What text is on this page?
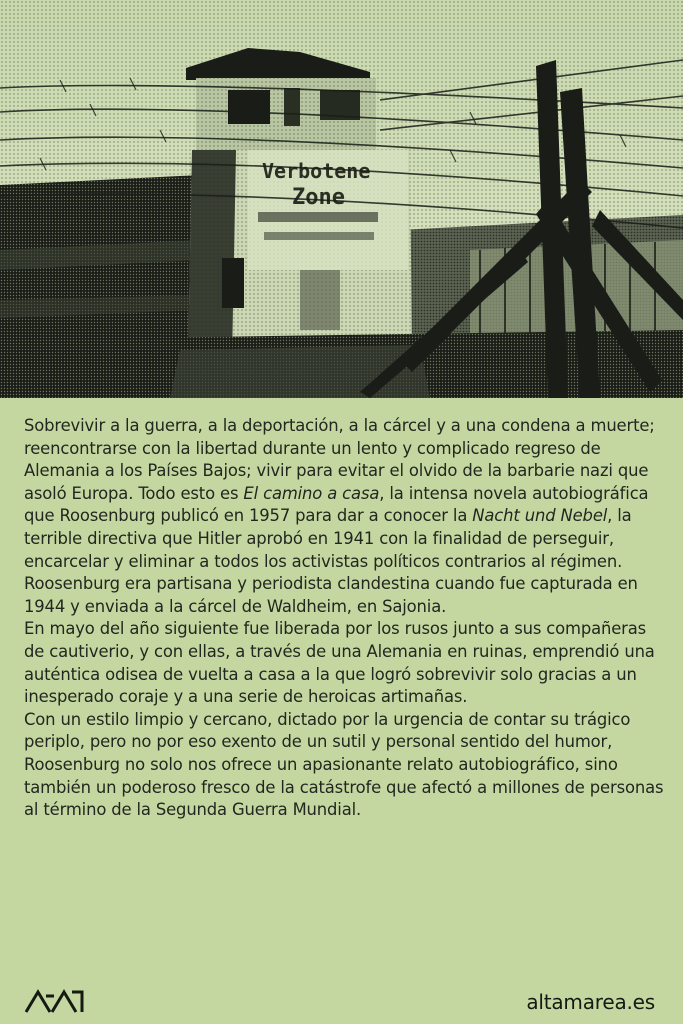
Verbotene
Zone

Sobrevivir a la guerra, a la deportación, a la cárcel y a una condena a muerte; reencontrarse con la libertad durante un lento y complicado regreso de Alemania a los Países Bajos; vivir para evitar el olvido de la barbarie nazi que asoló Europa. Todo esto es El camino a casa, la intensa novela autobiográfica que Roosenburg publicó en 1957 para dar a conocer la Nacht und Nebel, la terrible directiva que Hitler aprobó en 1941 con la finalidad de perseguir, encarcelar y eliminar a todos los activistas políticos contrarios al régimen.

Roosenburg era partisana y periodista clandestina cuando fue capturada en 1944 y enviada a la cárcel de Waldheim, en Sajonia.

En mayo del año siguiente fue liberada por los rusos junto a sus compañeras de cautiverio, y con ellas, a través de una Alemania en ruinas, emprendió una auténtica odisea de vuelta a casa a la que logró sobrevivir solo gracias a un inesperado coraje y a una serie de heroicas artimañas.

Con un estilo limpio y cercano, dictado por la urgencia de contar su trágico periplo, pero no por eso exento de un sutil y personal sentido del humor, Roosenburg no solo nos ofrece un apasionante relato autobiográfico, sino también un poderoso fresco de la catástrofe que afectó a millones de personas al término de la Segunda Guerra Mundial.

altamarea.es
